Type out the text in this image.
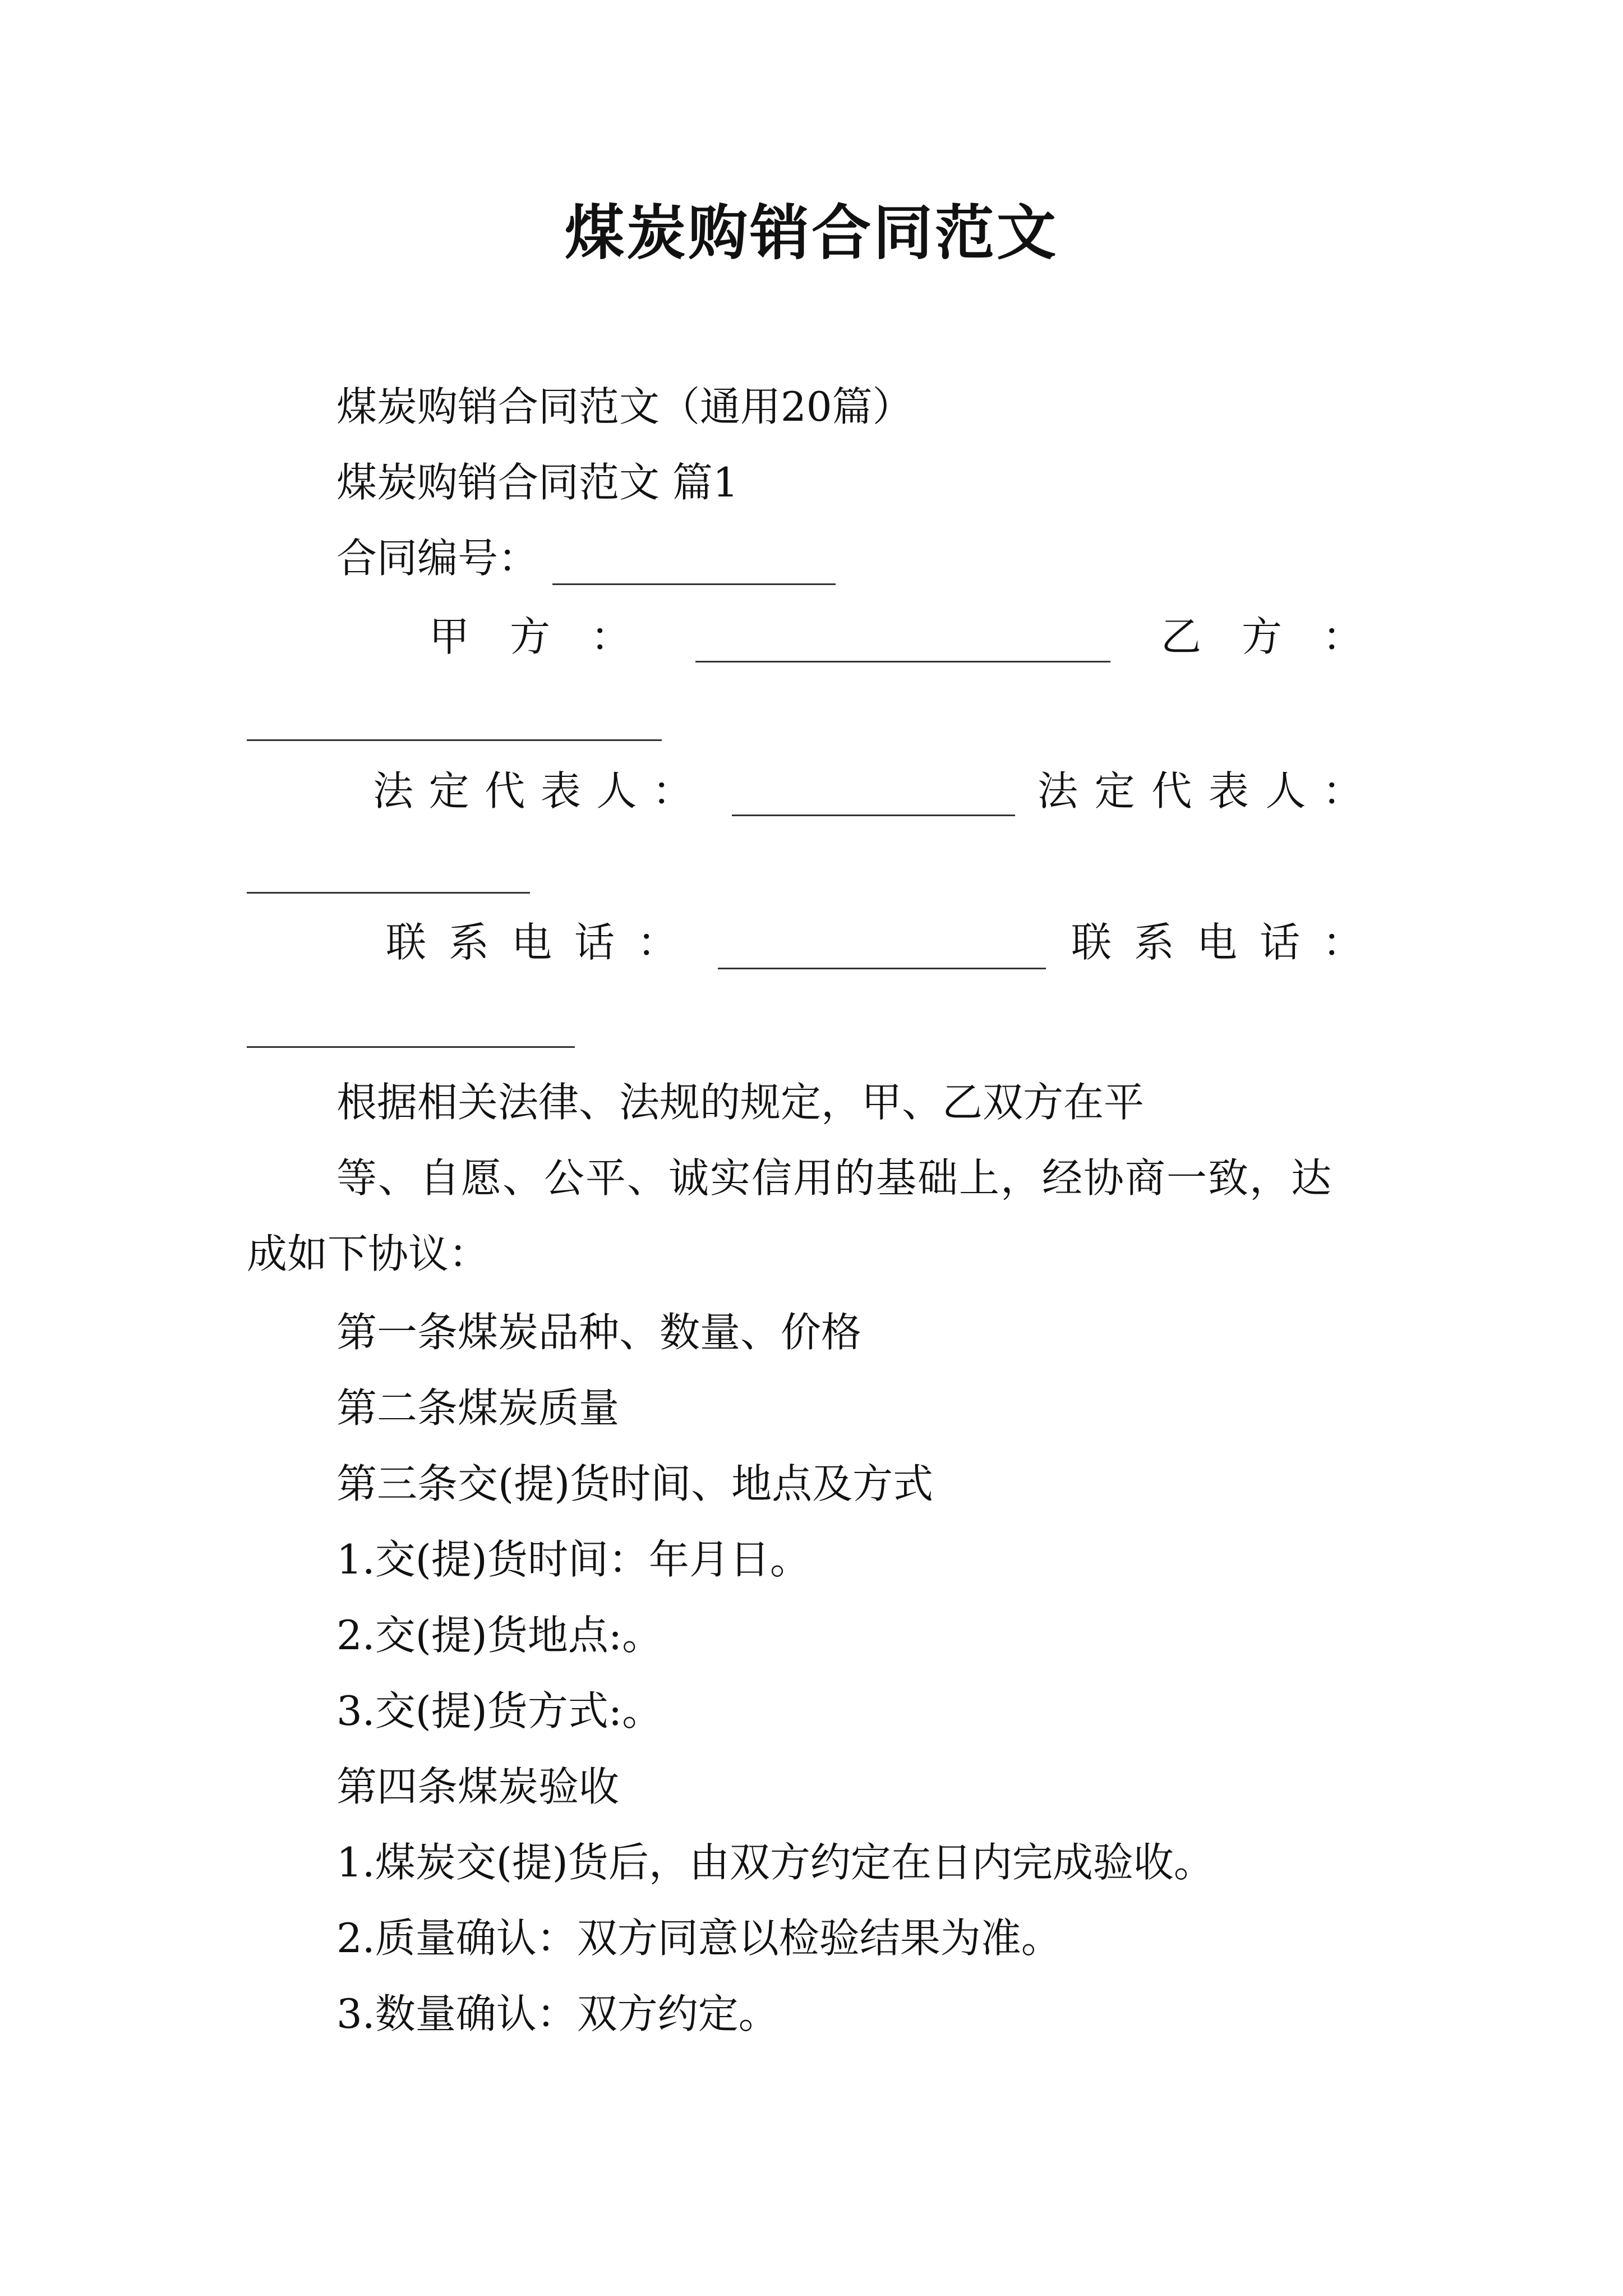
煤炭购销合同范文
煤炭购销合同范文（通用20篇）
煤炭购销合同范文 篇1
合同编号：
甲 方 ：	乙 方 ：
法 定 代 表 人 ：	法 定 代 表 人 ：
联 系 电 话 ：	联 系 电 话 ：
根据相关法律、法规的规定，甲、乙双方在平
等、自愿、公平、诚实信用的基础上，经协商一致，达
成如下协议：
第一条煤炭品种、数量、价格
第二条煤炭质量
第三条交(提)货时间、地点及方式
1.交(提)货时间：年月日。
2.交(提)货地点:。
3.交(提)货方式:。
第四条煤炭验收
1.煤炭交(提)货后，由双方约定在日内完成验收。
2.质量确认：双方同意以检验结果为准。
3.数量确认：双方约定。
